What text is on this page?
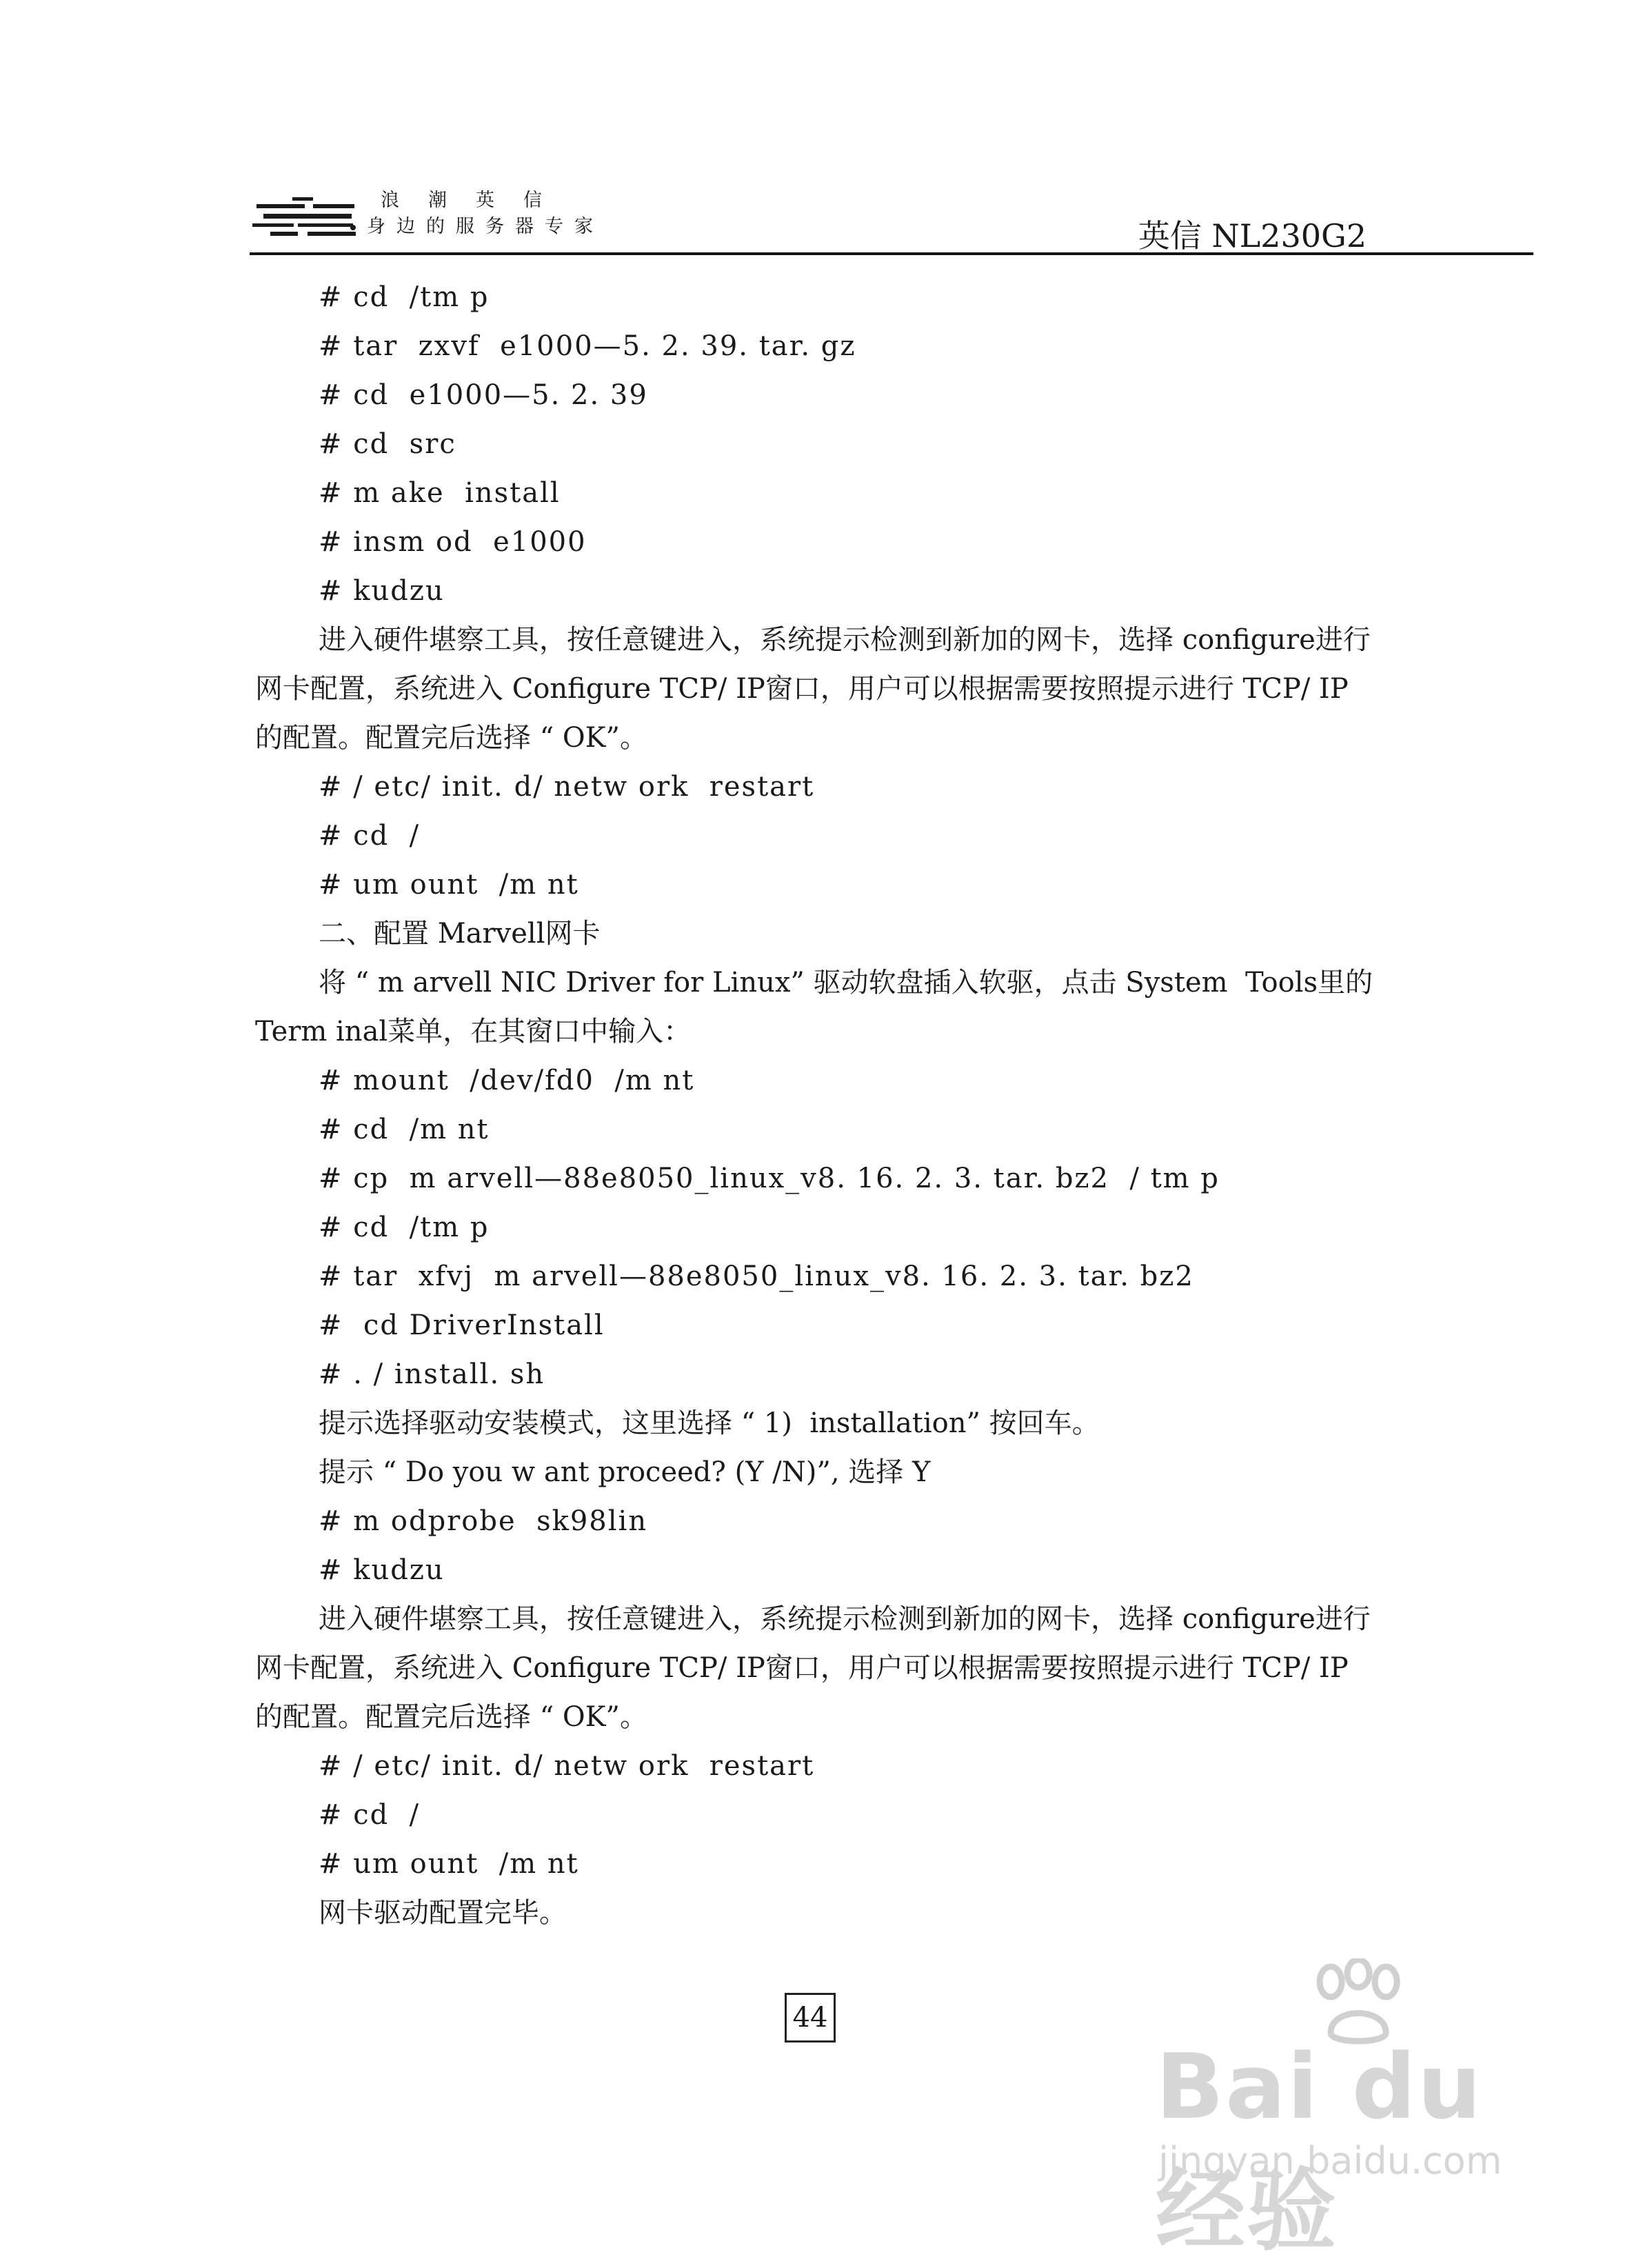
浪潮英信
身边的服务器专家	英信 NL230G2
# cd  /tm p
# tar  zxvf  e1000—5. 2. 39. tar. gz
# cd  e1000—5. 2. 39
# cd  src
# m ake  install
# insm od  e1000
# kudzu
进入硬件堪察工具，按任意键进入，系统提示检测到新加的网卡，选择 configure进行
网卡配置，系统进入 Configure TCP/ IP窗口，用户可以根据需要按照提示进行 TCP/ IP
的配置。配置完后选择 “ OK”。
# / etc/ init. d/ netw ork  restart
# cd  /
# um ount  /m nt
二、配置 Marvell网卡
将 “ m arvell NIC Driver for Linux” 驱动软盘插入软驱，点击 System  Tools里的
Term inal菜单，在其窗口中输入：
# mount  /dev/fd0  /m nt
# cd  /m nt
# cp  m arvell—88e8050_linux_v8. 16. 2. 3. tar. bz2  / tm p
# cd  /tm p
# tar  xfvj  m arvell—88e8050_linux_v8. 16. 2. 3. tar. bz2
#  cd DriverInstall
# . / install. sh
提示选择驱动安装模式，这里选择 “ 1)  installation” 按回车。
提示 “ Do you w ant proceed? (Y /N)”, 选择 Y
# m odprobe  sk98lin
# kudzu
进入硬件堪察工具，按任意键进入，系统提示检测到新加的网卡，选择 configure进行
网卡配置，系统进入 Configure TCP/ IP窗口，用户可以根据需要按照提示进行 TCP/ IP
的配置。配置完后选择 “ OK”。
# / etc/ init. d/ netw ork  restart
# cd  /
# um ount  /m nt
网卡驱动配置完毕。
44
Bai du 经验
jingyan.baidu.com
